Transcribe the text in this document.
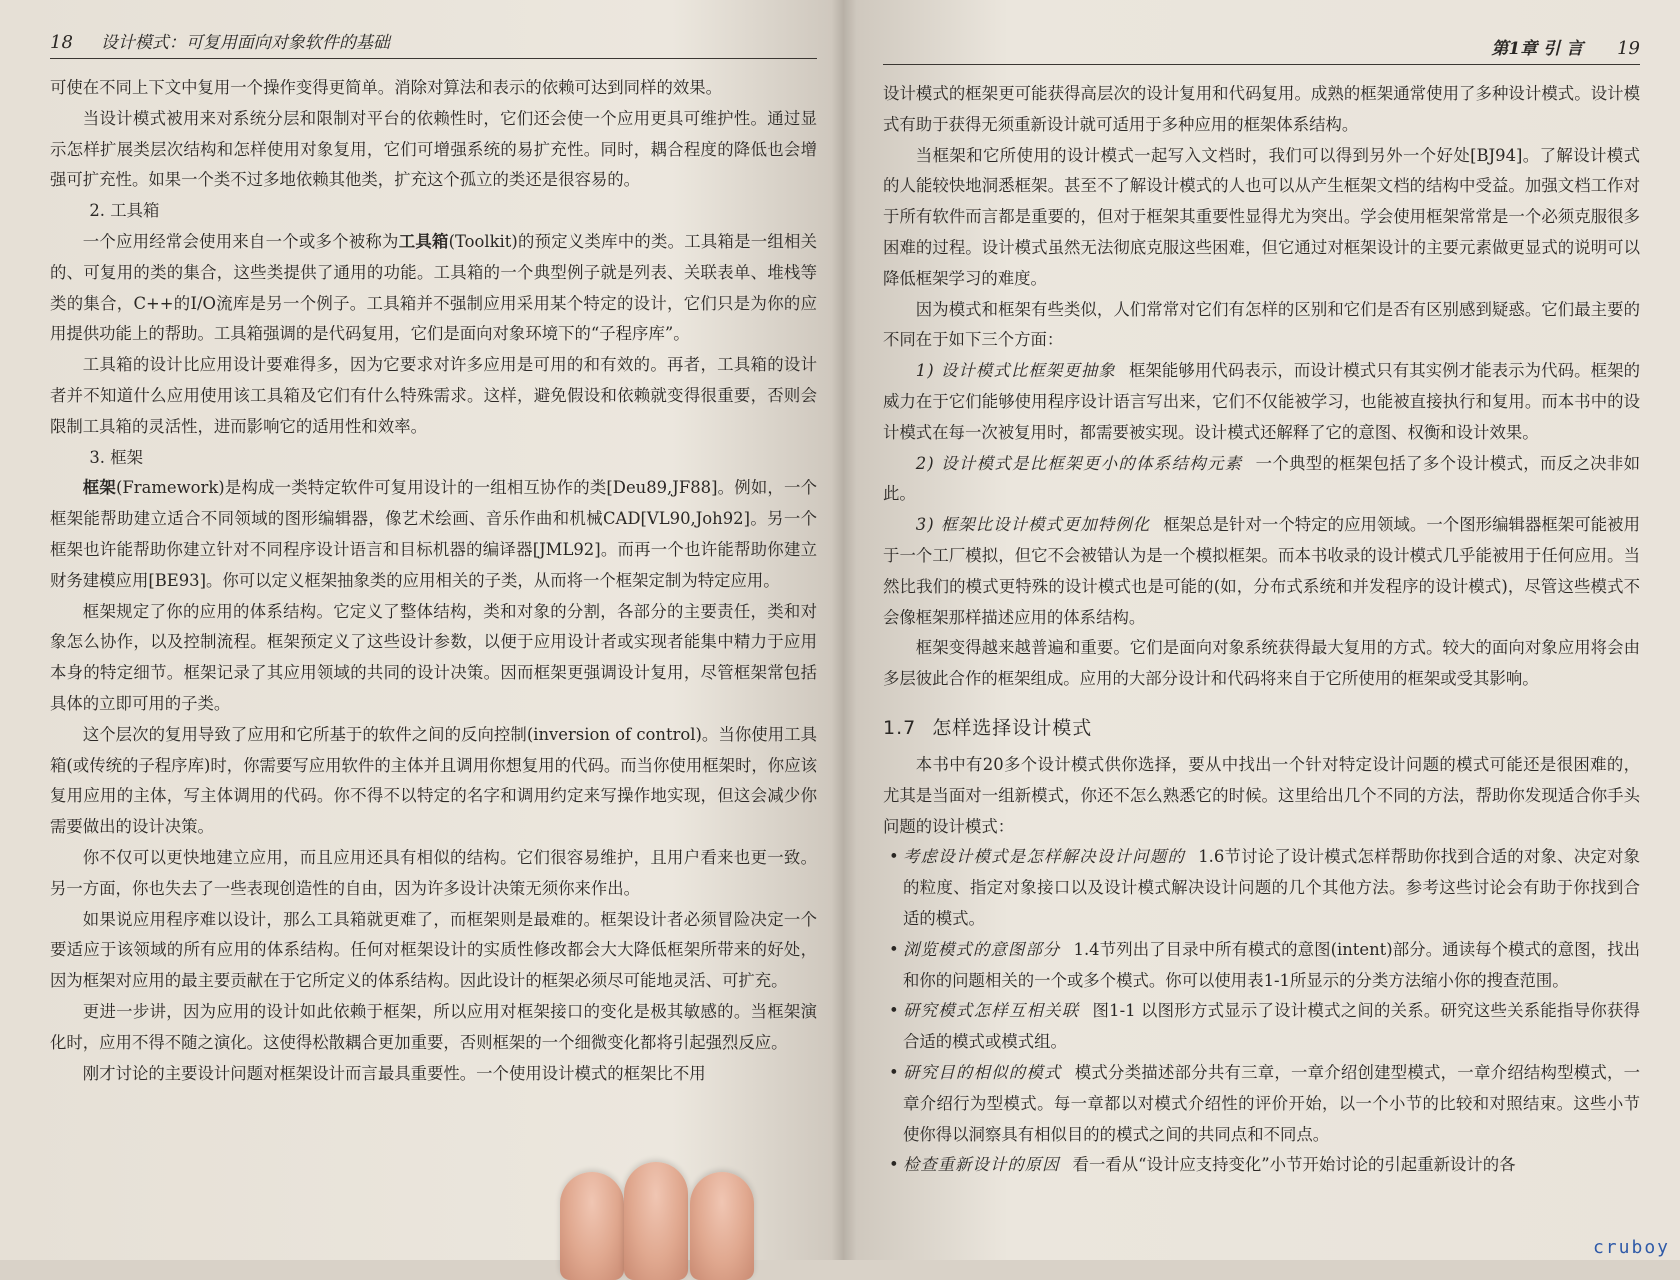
18 设计模式：可复用面向对象软件的基础

可使在不同上下文中复用一个操作变得更简单。消除对算法和表示的依赖可达到同样的效果。

当设计模式被用来对系统分层和限制对平台的依赖性时，它们还会使一个应用更具可维护性。通过显示怎样扩展类层次结构和怎样使用对象复用，它们可增强系统的易扩充性。同时，耦合程度的降低也会增强可扩充性。如果一个类不过多地依赖其他类，扩充这个孤立的类还是很容易的。

2. 工具箱

一个应用经常会使用来自一个或多个被称为工具箱(Toolkit)的预定义类库中的类。工具箱是一组相关的、可复用的类的集合，这些类提供了通用的功能。工具箱的一个典型例子就是列表、关联表单、堆栈等类的集合，C++的I/O流库是另一个例子。工具箱并不强制应用采用某个特定的设计，它们只是为你的应用提供功能上的帮助。工具箱强调的是代码复用，它们是面向对象环境下的“子程序库”。

工具箱的设计比应用设计要难得多，因为它要求对许多应用是可用的和有效的。再者，工具箱的设计者并不知道什么应用使用该工具箱及它们有什么特殊需求。这样，避免假设和依赖就变得很重要，否则会限制工具箱的灵活性，进而影响它的适用性和效率。

3. 框架

框架(Framework)是构成一类特定软件可复用设计的一组相互协作的类[Deu89,JF88]。例如，一个框架能帮助建立适合不同领域的图形编辑器，像艺术绘画、音乐作曲和机械CAD[VL90,Joh92]。另一个框架也许能帮助你建立针对不同程序设计语言和目标机器的编译器[JML92]。而再一个也许能帮助你建立财务建模应用[BE93]。你可以定义框架抽象类的应用相关的子类，从而将一个框架定制为特定应用。

框架规定了你的应用的体系结构。它定义了整体结构，类和对象的分割，各部分的主要责任，类和对象怎么协作，以及控制流程。框架预定义了这些设计参数，以便于应用设计者或实现者能集中精力于应用本身的特定细节。框架记录了其应用领域的共同的设计决策。因而框架更强调设计复用，尽管框架常包括具体的立即可用的子类。

这个层次的复用导致了应用和它所基于的软件之间的反向控制(inversion of control)。当你使用工具箱(或传统的子程序库)时，你需要写应用软件的主体并且调用你想复用的代码。而当你使用框架时，你应该复用应用的主体，写主体调用的代码。你不得不以特定的名字和调用约定来写操作地实现，但这会减少你需要做出的设计决策。

你不仅可以更快地建立应用，而且应用还具有相似的结构。它们很容易维护，且用户看来也更一致。另一方面，你也失去了一些表现创造性的自由，因为许多设计决策无须你来作出。

如果说应用程序难以设计，那么工具箱就更难了，而框架则是最难的。框架设计者必须冒险决定一个要适应于该领域的所有应用的体系结构。任何对框架设计的实质性修改都会大大降低框架所带来的好处，因为框架对应用的最主要贡献在于它所定义的体系结构。因此设计的框架必须尽可能地灵活、可扩充。

更进一步讲，因为应用的设计如此依赖于框架，所以应用对框架接口的变化是极其敏感的。当框架演化时，应用不得不随之演化。这使得松散耦合更加重要，否则框架的一个细微变化都将引起强烈反应。

刚才讨论的主要设计问题对框架设计而言最具重要性。一个使用设计模式的框架比不用

第1章 引 言 19

设计模式的框架更可能获得高层次的设计复用和代码复用。成熟的框架通常使用了多种设计模式。设计模式有助于获得无须重新设计就可适用于多种应用的框架体系结构。

当框架和它所使用的设计模式一起写入文档时，我们可以得到另外一个好处[BJ94]。了解设计模式的人能较快地洞悉框架。甚至不了解设计模式的人也可以从产生框架文档的结构中受益。加强文档工作对于所有软件而言都是重要的，但对于框架其重要性显得尤为突出。学会使用框架常常是一个必须克服很多困难的过程。设计模式虽然无法彻底克服这些困难，但它通过对框架设计的主要元素做更显式的说明可以降低框架学习的难度。

因为模式和框架有些类似，人们常常对它们有怎样的区别和它们是否有区别感到疑惑。它们最主要的不同在于如下三个方面：

1) 设计模式比框架更抽象 框架能够用代码表示，而设计模式只有其实例才能表示为代码。框架的威力在于它们能够使用程序设计语言写出来，它们不仅能被学习，也能被直接执行和复用。而本书中的设计模式在每一次被复用时，都需要被实现。设计模式还解释了它的意图、权衡和设计效果。

2) 设计模式是比框架更小的体系结构元素 一个典型的框架包括了多个设计模式，而反之决非如此。

3) 框架比设计模式更加特例化 框架总是针对一个特定的应用领域。一个图形编辑器框架可能被用于一个工厂模拟，但它不会被错认为是一个模拟框架。而本书收录的设计模式几乎能被用于任何应用。当然比我们的模式更特殊的设计模式也是可能的(如，分布式系统和并发程序的设计模式)，尽管这些模式不会像框架那样描述应用的体系结构。

框架变得越来越普遍和重要。它们是面向对象系统获得最大复用的方式。较大的面向对象应用将会由多层彼此合作的框架组成。应用的大部分设计和代码将来自于它所使用的框架或受其影响。

1.7 怎样选择设计模式

本书中有20多个设计模式供你选择，要从中找出一个针对特定设计问题的模式可能还是很困难的，尤其是当面对一组新模式，你还不怎么熟悉它的时候。这里给出几个不同的方法，帮助你发现适合你手头问题的设计模式：

• 考虑设计模式是怎样解决设计问题的 1.6节讨论了设计模式怎样帮助你找到合适的对象、决定对象的粒度、指定对象接口以及设计模式解决设计问题的几个其他方法。参考这些讨论会有助于你找到合适的模式。
• 浏览模式的意图部分 1.4节列出了目录中所有模式的意图(intent)部分。通读每个模式的意图，找出和你的问题相关的一个或多个模式。你可以使用表1-1所显示的分类方法缩小你的搜查范围。
• 研究模式怎样互相关联 图1-1 以图形方式显示了设计模式之间的关系。研究这些关系能指导你获得合适的模式或模式组。
• 研究目的相似的模式 模式分类描述部分共有三章，一章介绍创建型模式，一章介绍结构型模式，一章介绍行为型模式。每一章都以对模式介绍性的评价开始，以一个小节的比较和对照结束。这些小节使你得以洞察具有相似目的的模式之间的共同点和不同点。
• 检查重新设计的原因 看一看从“设计应支持变化”小节开始讨论的引起重新设计的各
cruboy
